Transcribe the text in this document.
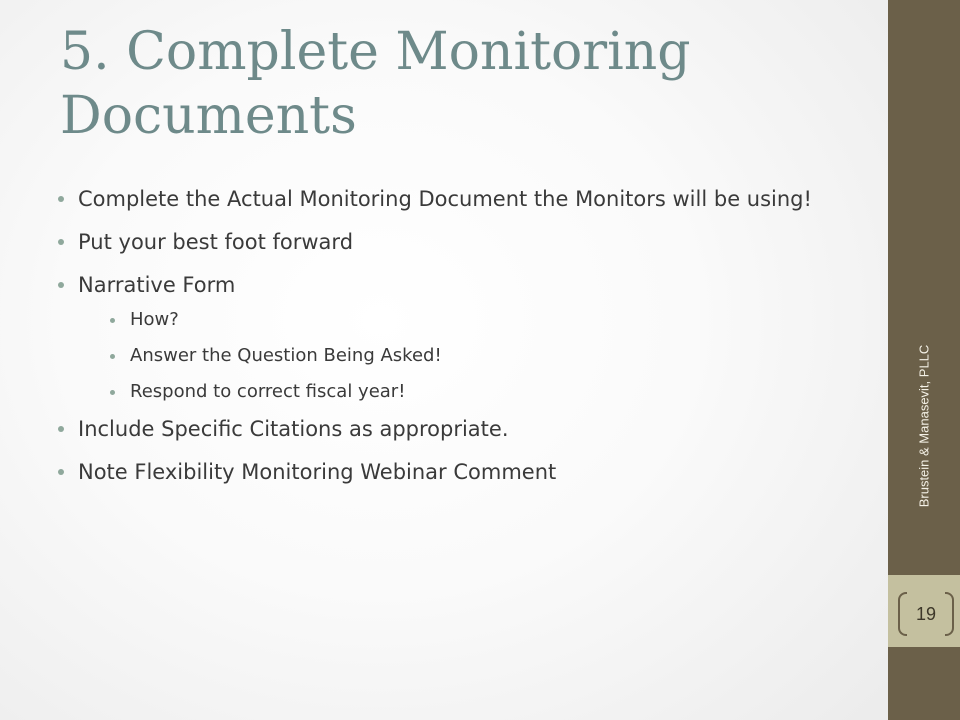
5. Complete Monitoring Documents
Complete the Actual Monitoring Document the Monitors will be using!
Put your best foot forward
Narrative Form
How?
Answer the Question Being Asked!
Respond to correct fiscal year!
Include Specific Citations as appropriate.
Note Flexibility Monitoring Webinar Comment	Brustein & Manasevit, PLLC
19
